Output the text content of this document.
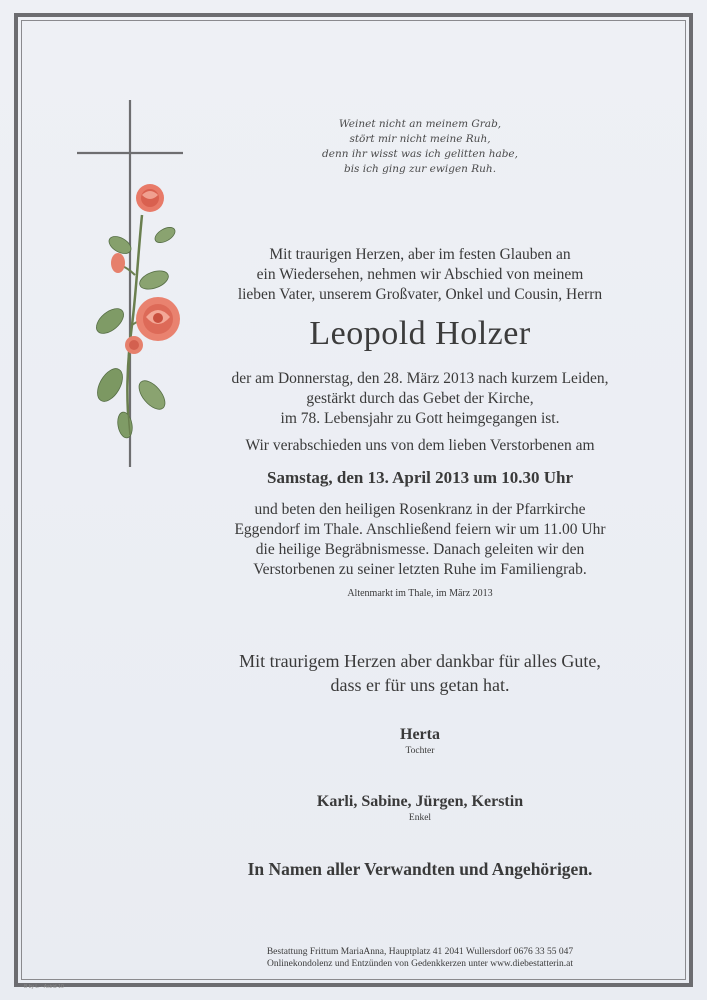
Weinet nicht an meinem Grab,
stört mir nicht meine Ruh,
denn ihr wisst was ich gelitten habe,
bis ich ging zur ewigen Ruh.
Mit traurigen Herzen, aber im festen Glauben an
ein Wiedersehen, nehmen wir Abschied von meinem
lieben Vater, unserem Großvater, Onkel und Cousin, Herrn
Leopold Holzer
der am Donnerstag, den 28. März 2013 nach kurzem Leiden,
gestärkt durch das Gebet der Kirche,
im 78. Lebensjahr zu Gott heimgegangen ist.
Wir verabschieden uns von dem lieben Verstorbenen am
Samstag, den 13. April 2013 um 10.30 Uhr
und beten den heiligen Rosenkranz in der Pfarrkirche
Eggendorf im Thale. Anschließend feiern wir um 11.00 Uhr
die heilige Begräbnismesse. Danach geleiten wir den
Verstorbenen zu seiner letzten Ruhe im Familiengrab.
Altenmarkt im Thale, im März 2013
Mit traurigem Herzen aber dankbar für alles Gute,
dass er für uns getan hat.
Herta
Tochter
Karli, Sabine, Jürgen, Kerstin
Enkel
In Namen aller Verwandten und Angehörigen.
Bestattung Frittum MariaAnna, Hauptplatz 41 2041 Wullersdorf 0676 33 55 047
Onlinekondolenz und Entzünden von Gedenkkerzen unter www.diebestatterin.at
B by L. - Astrid-10
